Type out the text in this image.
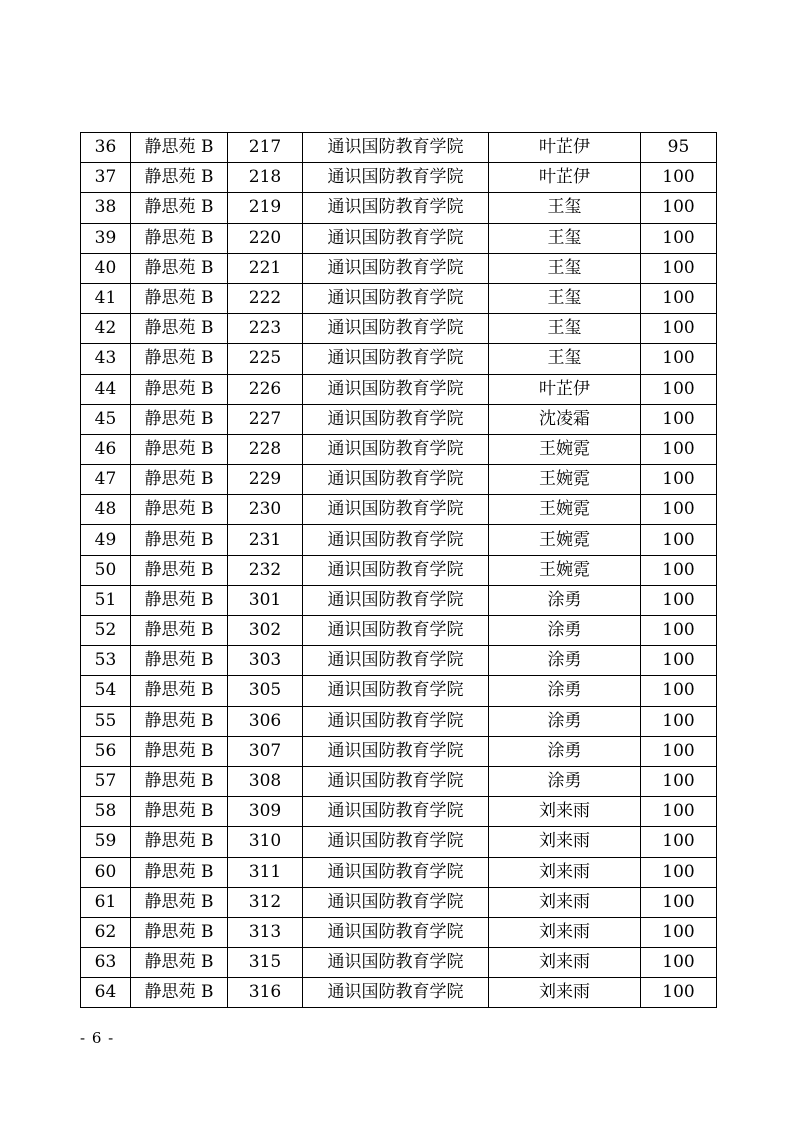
36	静思苑 B	217	通识国防教育学院	叶芷伊	95
37	静思苑 B	218	通识国防教育学院	叶芷伊	100
38	静思苑 B	219	通识国防教育学院	王玺	100
39	静思苑 B	220	通识国防教育学院	王玺	100
40	静思苑 B	221	通识国防教育学院	王玺	100
41	静思苑 B	222	通识国防教育学院	王玺	100
42	静思苑 B	223	通识国防教育学院	王玺	100
43	静思苑 B	225	通识国防教育学院	王玺	100
44	静思苑 B	226	通识国防教育学院	叶芷伊	100
45	静思苑 B	227	通识国防教育学院	沈凌霜	100
46	静思苑 B	228	通识国防教育学院	王婉霓	100
47	静思苑 B	229	通识国防教育学院	王婉霓	100
48	静思苑 B	230	通识国防教育学院	王婉霓	100
49	静思苑 B	231	通识国防教育学院	王婉霓	100
50	静思苑 B	232	通识国防教育学院	王婉霓	100
51	静思苑 B	301	通识国防教育学院	涂勇	100
52	静思苑 B	302	通识国防教育学院	涂勇	100
53	静思苑 B	303	通识国防教育学院	涂勇	100
54	静思苑 B	305	通识国防教育学院	涂勇	100
55	静思苑 B	306	通识国防教育学院	涂勇	100
56	静思苑 B	307	通识国防教育学院	涂勇	100
57	静思苑 B	308	通识国防教育学院	涂勇	100
58	静思苑 B	309	通识国防教育学院	刘来雨	100
59	静思苑 B	310	通识国防教育学院	刘来雨	100
60	静思苑 B	311	通识国防教育学院	刘来雨	100
61	静思苑 B	312	通识国防教育学院	刘来雨	100
62	静思苑 B	313	通识国防教育学院	刘来雨	100
63	静思苑 B	315	通识国防教育学院	刘来雨	100
64	静思苑 B	316	通识国防教育学院	刘来雨	100
- 6 -
